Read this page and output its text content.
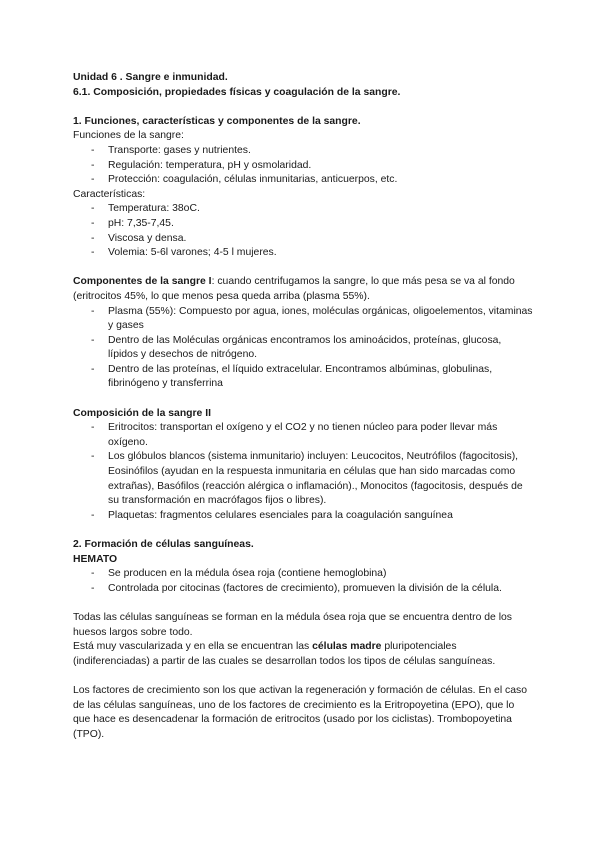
Unidad 6 . Sangre e inmunidad.
6.1. Composición, propiedades físicas y coagulación de la sangre.
1. Funciones, características y componentes de la sangre.
Funciones de la sangre:
- Transporte: gases y nutrientes.
- Regulación: temperatura, pH y osmolaridad.
- Protección: coagulación, células inmunitarias, anticuerpos, etc.
Características:
- Temperatura: 38oC.
- pH: 7,35-7,45.
- Viscosa y densa.
- Volemia: 5-6l varones; 4-5 l mujeres.

Componentes de la sangre I: cuando centrifugamos la sangre, lo que más pesa se va al fondo (eritrocitos 45%, lo que menos pesa queda arriba (plasma 55%).

- Plasma (55%): Compuesto por agua, iones, moléculas orgánicas, oligoelementos, vitaminas y gases
- Dentro de las Moléculas orgánicas encontramos los aminoácidos, proteínas, glucosa, lípidos y desechos de nitrógeno.
- Dentro de las proteínas, el líquido extracelular. Encontramos albúminas, globulinas, fibrinógeno y transferrina
Composición de la sangre II
- Eritrocitos: transportan el oxígeno y el CO2 y no tienen núcleo para poder llevar más oxígeno.
- Los glóbulos blancos (sistema inmunitario) incluyen: Leucocitos, Neutrófilos (fagocitosis), Eosinófilos (ayudan en la respuesta inmunitaria en células que han sido marcadas como extrañas), Basófilos (reacción alérgica o inflamación)., Monocitos (fagocitosis, después de su transformación en macrófagos fijos o libres).
- Plaquetas: fragmentos celulares esenciales para la coagulación sanguínea
2. Formación de células sanguíneas.
HEMATO
- Se producen en la médula ósea roja (contiene hemoglobina)
- Controlada por citocinas (factores de crecimiento), promueven la división de la célula.

Todas las células sanguíneas se forman en la médula ósea roja que se encuentra dentro de los huesos largos sobre todo.

Está muy vascularizada y en ella se encuentran las células madre pluripotenciales (indiferenciadas) a partir de las cuales se desarrollan todos los tipos de células sanguíneas.

Los factores de crecimiento son los que activan la regeneración y formación de células. En el caso de las células sanguíneas, uno de los factores de crecimiento es la Eritropoyetina (EPO), que lo que hace es desencadenar la formación de eritrocitos (usado por los ciclistas). Trombopoyetina (TPO).
